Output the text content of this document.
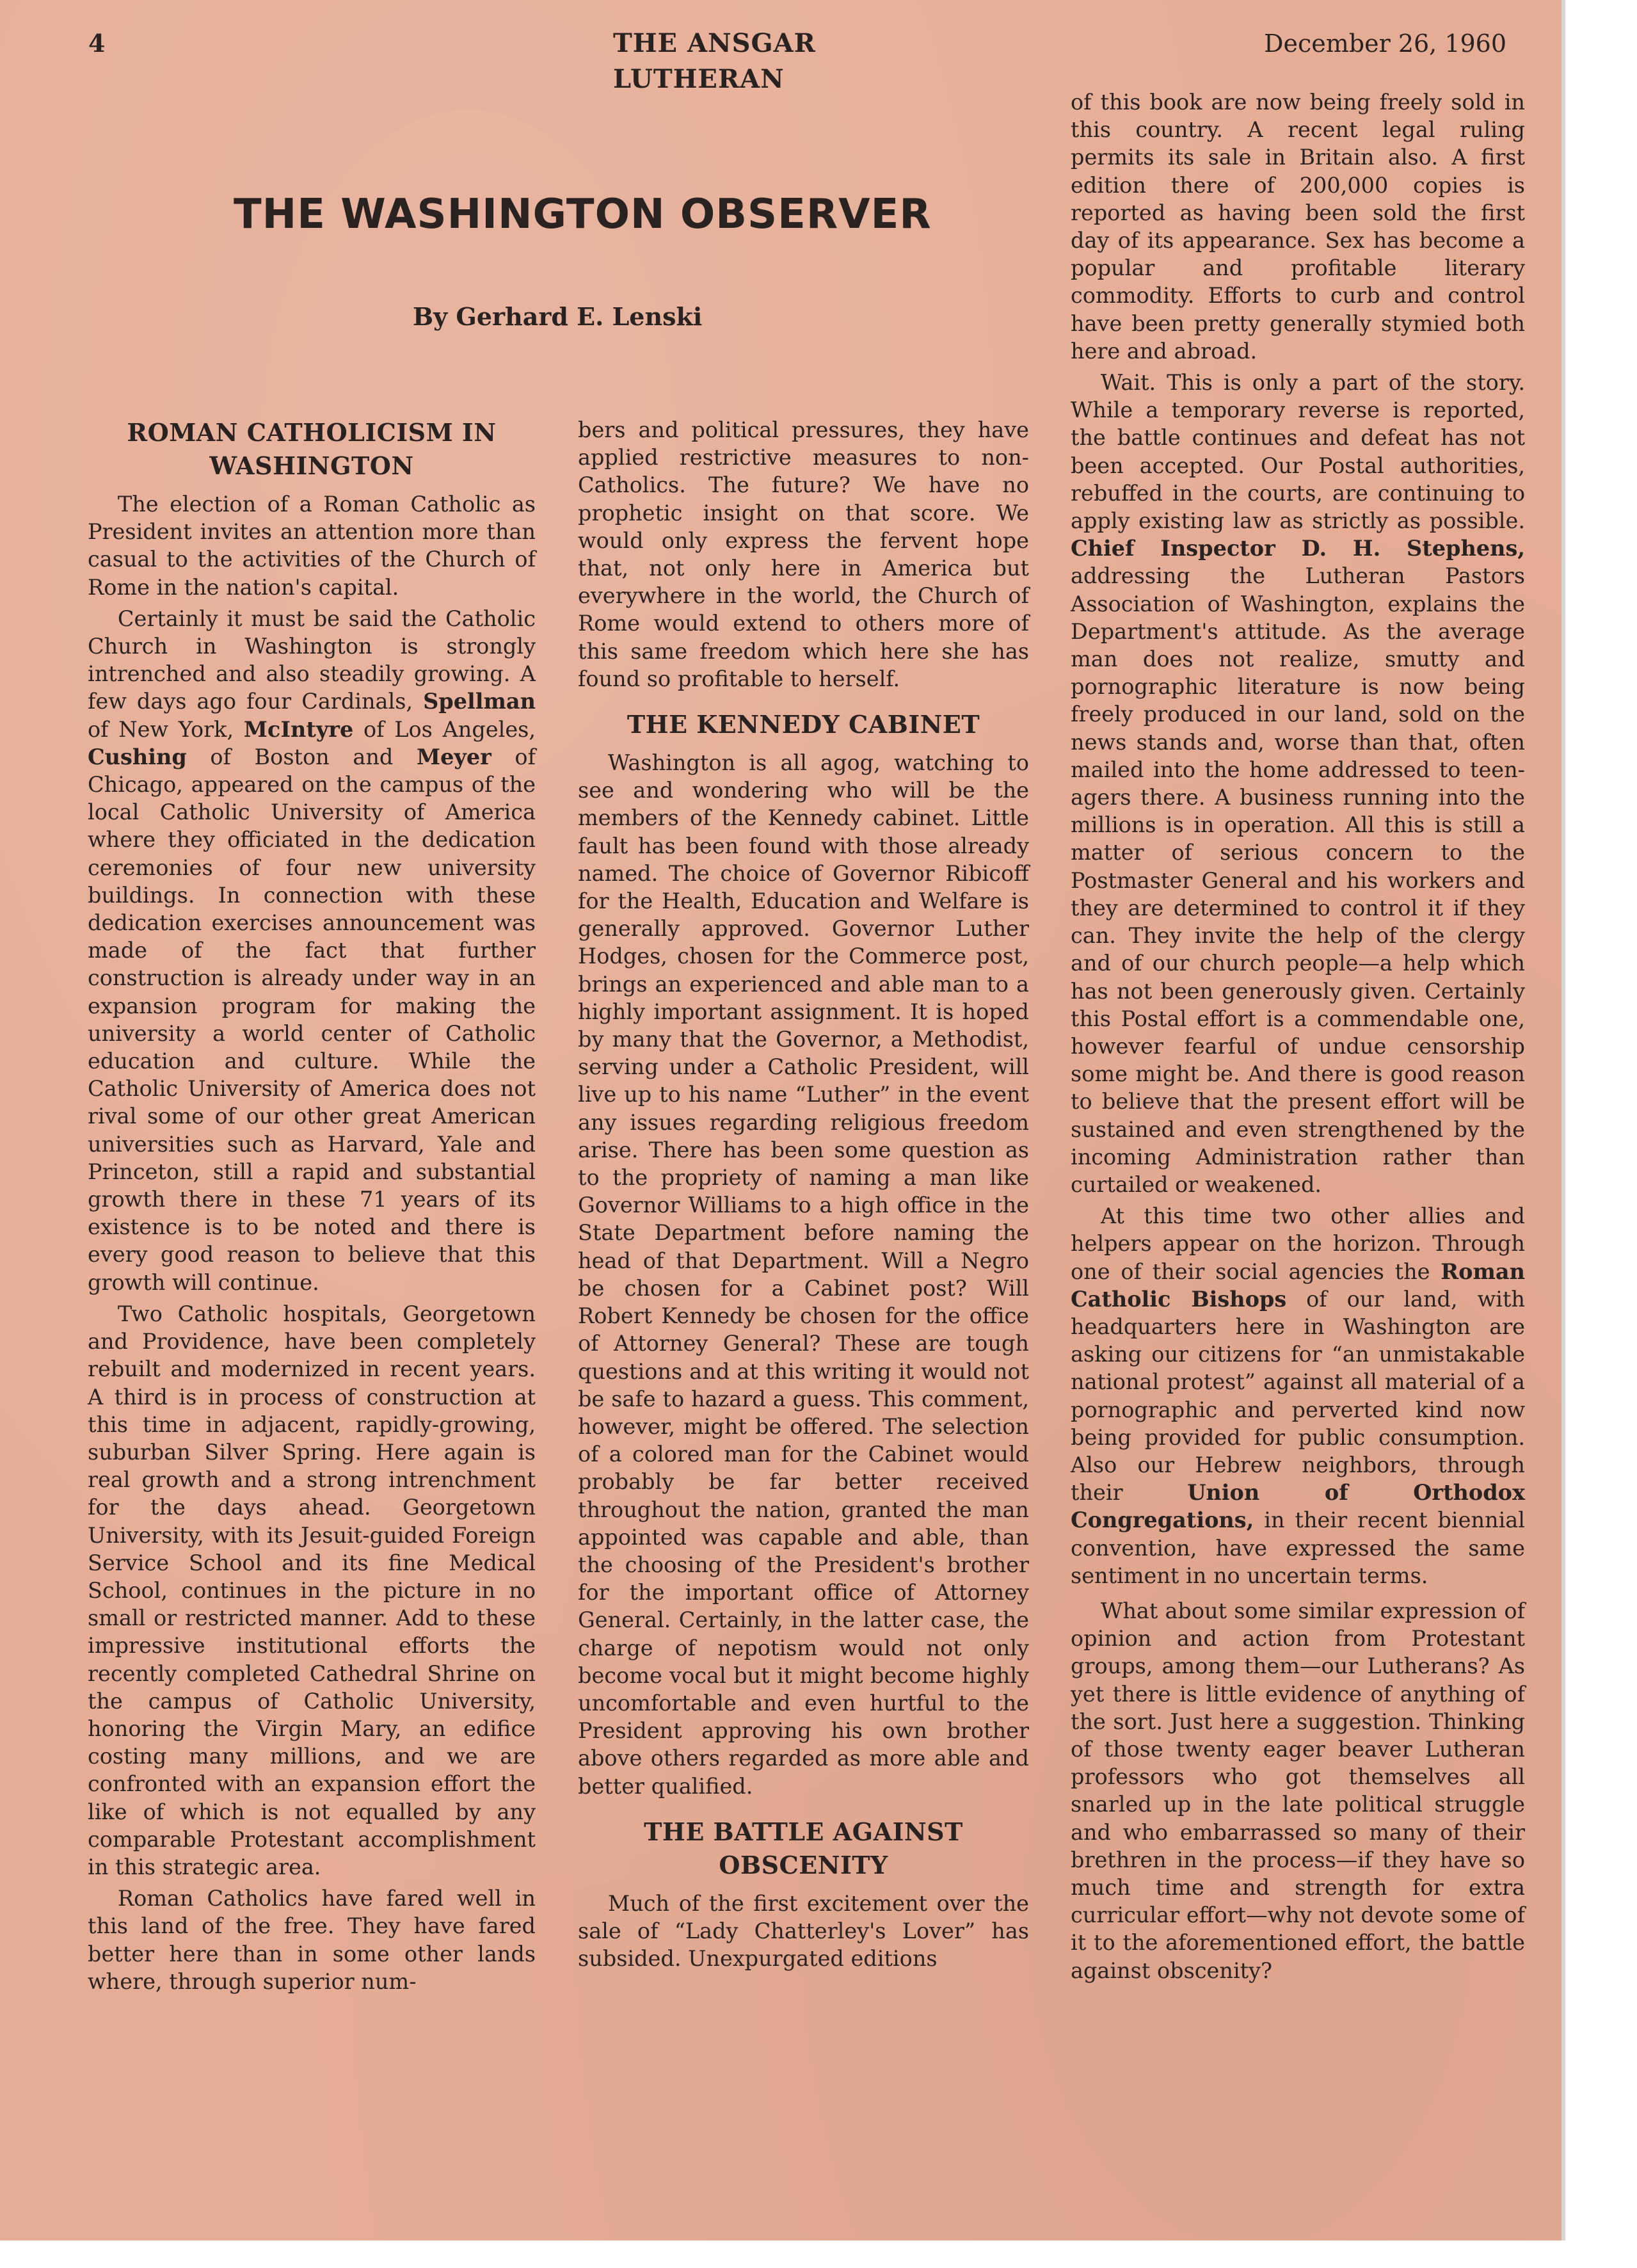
4	THE ANSGAR LUTHERAN
December 26, 1960
THE WASHINGTON OBSERVER
By Gerhard E. Lenski
ROMAN CATHOLICISM IN WASHINGTON

The election of a Roman Catholic as President invites an attention more than casual to the activities of the Church of Rome in the nation's capital.

Certainly it must be said the Catholic Church in Washington is strongly intrenched and also steadily growing. A few days ago four Cardinals, Spellman of New York, McIntyre of Los Angeles, Cushing of Boston and Meyer of Chicago, appeared on the campus of the local Catholic University of America where they officiated in the dedication ceremonies of four new university buildings. In connection with these dedication exercises announcement was made of the fact that further construction is already under way in an expansion program for making the university a world center of Catholic education and culture. While the Catholic University of America does not rival some of our other great American universities such as Harvard, Yale and Princeton, still a rapid and substantial growth there in these 71 years of its existence is to be noted and there is every good reason to believe that this growth will continue.

Two Catholic hospitals, Georgetown and Providence, have been completely rebuilt and modernized in recent years. A third is in process of construction at this time in adjacent, rapidly-growing, suburban Silver Spring. Here again is real growth and a strong intrenchment for the days ahead. Georgetown University, with its Jesuit-guided Foreign Service School and its fine Medical School, continues in the picture in no small or restricted manner. Add to these impressive institutional efforts the recently completed Cathedral Shrine on the campus of Catholic University, honoring the Virgin Mary, an edifice costing many millions, and we are confronted with an expansion effort the like of which is not equalled by any comparable Protestant accomplishment in this strategic area.

Roman Catholics have fared well in this land of the free. They have fared better here than in some other lands where, through superior num-

bers and political pressures, they have applied restrictive measures to non-Catholics. The future? We have no prophetic insight on that score. We would only express the fervent hope that, not only here in America but everywhere in the world, the Church of Rome would extend to others more of this same freedom which here she has found so profitable to herself.

THE KENNEDY CABINET

Washington is all agog, watching to see and wondering who will be the members of the Kennedy cabinet. Little fault has been found with those already named. The choice of Governor Ribicoff for the Health, Education and Welfare is generally approved. Governor Luther Hodges, chosen for the Commerce post, brings an experienced and able man to a highly important assignment. It is hoped by many that the Governor, a Methodist, serving under a Catholic President, will live up to his name “Luther” in the event any issues regarding religious freedom arise. There has been some question as to the propriety of naming a man like Governor Williams to a high office in the State Department before naming the head of that Department. Will a Negro be chosen for a Cabinet post? Will Robert Kennedy be chosen for the office of Attorney General? These are tough questions and at this writing it would not be safe to hazard a guess. This comment, however, might be offered. The selection of a colored man for the Cabinet would probably be far better received throughout the nation, granted the man appointed was capable and able, than the choosing of the President's brother for the important office of Attorney General. Certainly, in the latter case, the charge of nepotism would not only become vocal but it might become highly uncomfortable and even hurtful to the President approving his own brother above others regarded as more able and better qualified.

THE BATTLE AGAINST OBSCENITY

Much of the first excitement over the sale of “Lady Chatterley's Lover” has subsided. Unexpurgated editions

of this book are now being freely sold in this country. A recent legal ruling permits its sale in Britain also. A first edition there of 200,000 copies is reported as having been sold the first day of its appearance. Sex has become a popular and profitable literary commodity. Efforts to curb and control have been pretty generally stymied both here and abroad.

Wait. This is only a part of the story. While a temporary reverse is reported, the battle continues and defeat has not been accepted. Our Postal authorities, rebuffed in the courts, are continuing to apply existing law as strictly as possible. Chief Inspector D. H. Stephens, addressing the Lutheran Pastors Association of Washington, explains the Department's attitude. As the average man does not realize, smutty and pornographic literature is now being freely produced in our land, sold on the news stands and, worse than that, often mailed into the home addressed to teen-agers there. A business running into the millions is in operation. All this is still a matter of serious concern to the Postmaster General and his workers and they are determined to control it if they can. They invite the help of the clergy and of our church people—a help which has not been generously given. Certainly this Postal effort is a commendable one, however fearful of undue censorship some might be. And there is good reason to believe that the present effort will be sustained and even strengthened by the incoming Administration rather than curtailed or weakened.

At this time two other allies and helpers appear on the horizon. Through one of their social agencies the Roman Catholic Bishops of our land, with headquarters here in Washington are asking our citizens for “an unmistakable national protest” against all material of a pornographic and perverted kind now being provided for public consumption. Also our Hebrew neighbors, through their Union of Orthodox Congregations, in their recent biennial convention, have expressed the same sentiment in no uncertain terms.

What about some similar expression of opinion and action from Protestant groups, among them—our Lutherans? As yet there is little evidence of anything of the sort. Just here a suggestion. Thinking of those twenty eager beaver Lutheran professors who got themselves all snarled up in the late political struggle and who embarrassed so many of their brethren in the process—if they have so much time and strength for extra curricular effort—why not devote some of it to the aforementioned effort, the battle against obscenity?
